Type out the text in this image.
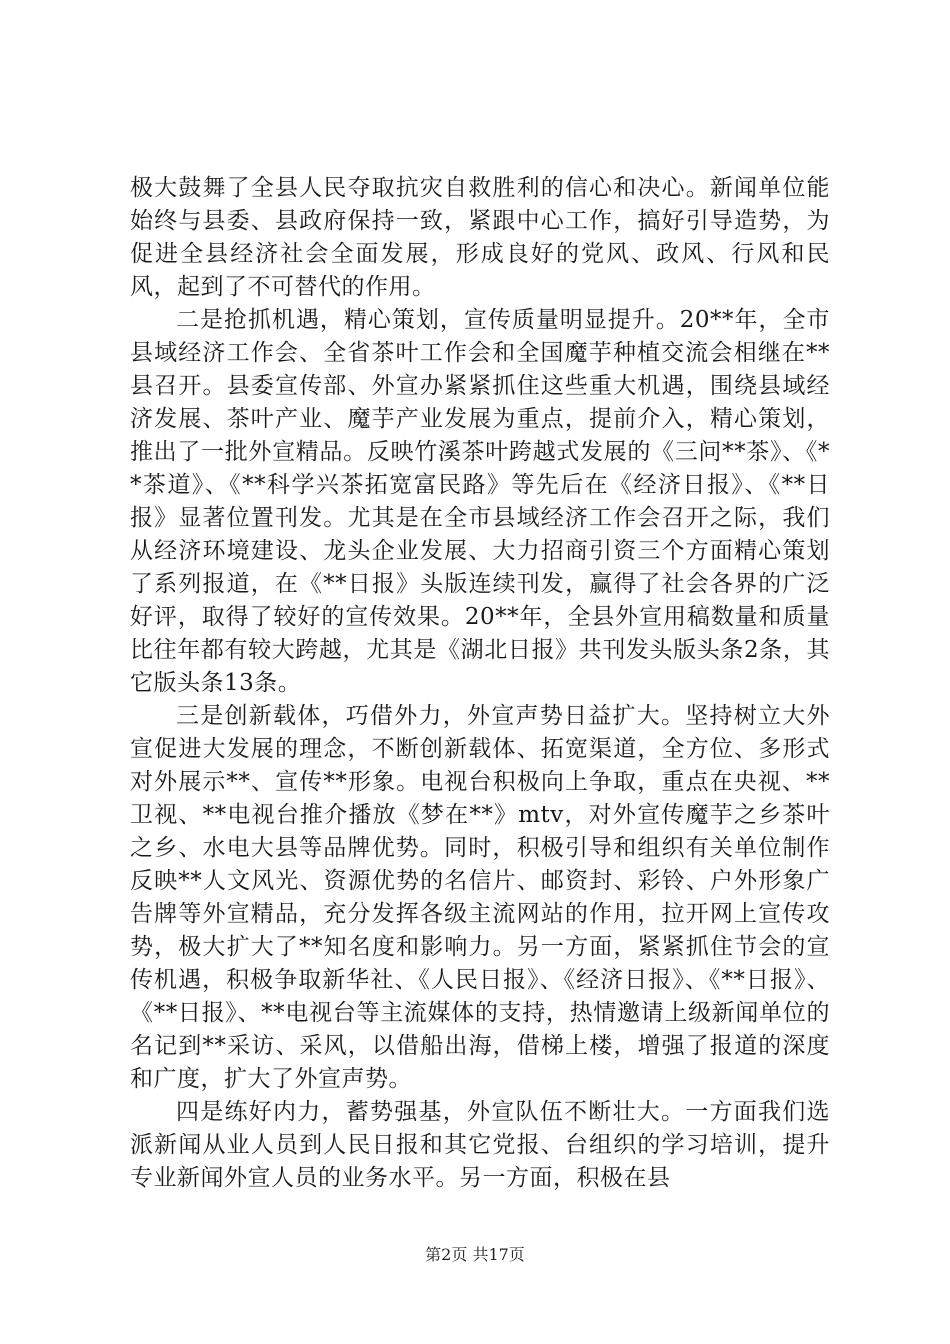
极大鼓舞了全县人民夺取抗灾自救胜利的信心和决心。新闻单位能始终与县委、县政府保持一致，紧跟中心工作，搞好引导造势，为促进全县经济社会全面发展，形成良好的党风、政风、行风和民风，起到了不可替代的作用。

二是抢抓机遇，精心策划，宣传质量明显提升。20**年，全市县域经济工作会、全省茶叶工作会和全国魔芋种植交流会相继在**县召开。县委宣传部、外宣办紧紧抓住这些重大机遇，围绕县域经济发展、茶叶产业、魔芋产业发展为重点，提前介入，精心策划，推出了一批外宣精品。反映竹溪茶叶跨越式发展的《三问**茶》、《**茶道》、《**科学兴茶拓宽富民路》等先后在《经济日报》、《**日报》显著位置刊发。尤其是在全市县域经济工作会召开之际，我们从经济环境建设、龙头企业发展、大力招商引资三个方面精心策划了系列报道，在《**日报》头版连续刊发，赢得了社会各界的广泛好评，取得了较好的宣传效果。20**年，全县外宣用稿数量和质量比往年都有较大跨越，尤其是《湖北日报》共刊发头版头条2条，其它版头条13条。

三是创新载体，巧借外力，外宣声势日益扩大。坚持树立大外宣促进大发展的理念，不断创新载体、拓宽渠道，全方位、多形式对外展示**、宣传**形象。电视台积极向上争取，重点在央视、**卫视、**电视台推介播放《梦在**》mtv，对外宣传魔芋之乡茶叶之乡、水电大县等品牌优势。同时，积极引导和组织有关单位制作反映**人文风光、资源优势的名信片、邮资封、彩铃、户外形象广告牌等外宣精品，充分发挥各级主流网站的作用，拉开网上宣传攻势，极大扩大了**知名度和影响力。另一方面，紧紧抓住节会的宣传机遇，积极争取新华社、《人民日报》、《经济日报》、《**日报》、《**日报》、**电视台等主流媒体的支持，热情邀请上级新闻单位的名记到**采访、采风，以借船出海，借梯上楼，增强了报道的深度和广度，扩大了外宣声势。

四是练好内力，蓄势强基，外宣队伍不断壮大。一方面我们选派新闻从业人员到人民日报和其它党报、台组织的学习培训，提升专业新闻外宣人员的业务水平。另一方面，积极在县

第2页 共17页
